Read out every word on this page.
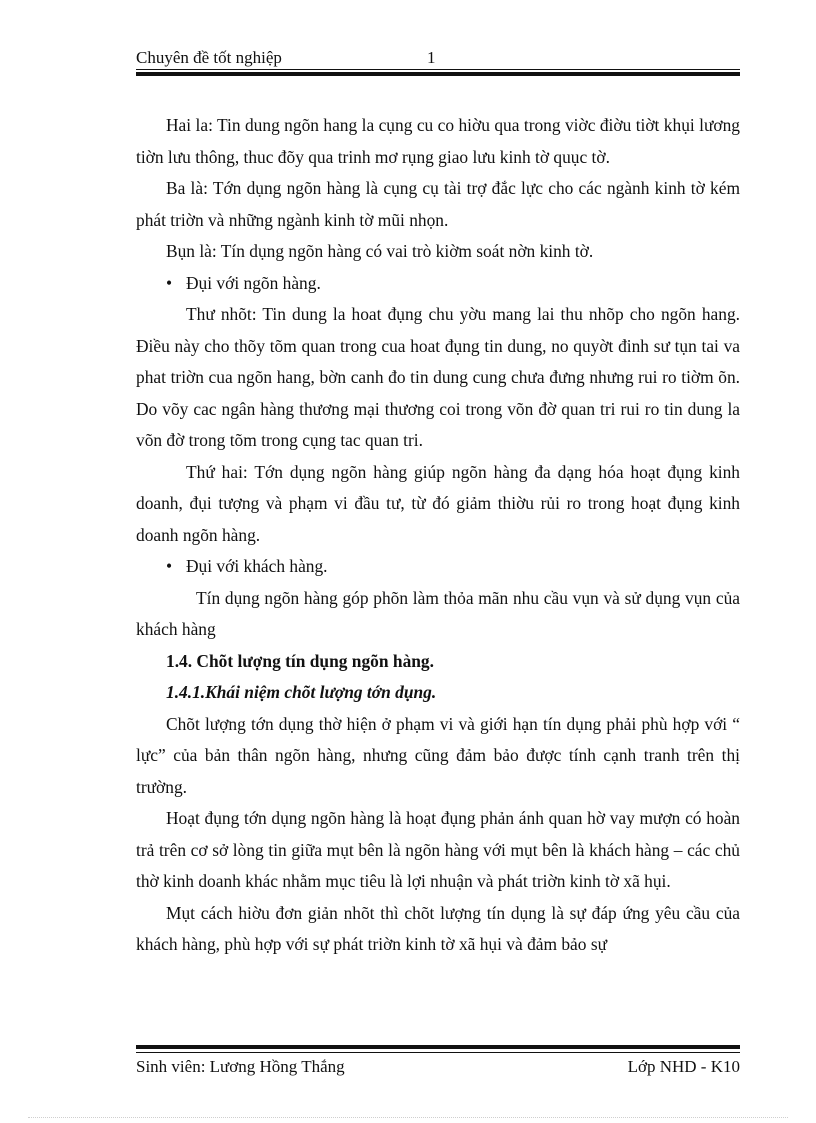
Chuyên đề tốt nghiệp	1

Hai la: Tin dung ngõn hang la cụng cu co hiờu qua trong viờc điờu tiờt khụi lương tiờn lưu thông, thuc đõy qua trinh mơ rụng giao lưu kinh tờ quục tờ.

Ba là: Tớn dụng ngõn hàng là cụng cụ tài trợ đắc lực cho các ngành kinh tờ kém phát triờn và những ngành kinh tờ mũi nhọn.

Bụn là: Tín dụng ngõn hàng có vai trò kiờm soát nờn kinh tờ.

• Đụi với ngõn hàng.

Thư nhõt: Tin dung la hoat đụng chu yờu mang lai thu nhõp cho ngõn hang. Điều này cho thõy tõm quan trong cua hoat đụng tin dung, no quyờt đinh sư tụn tai va phat triờn cua ngõn hang, bờn canh đo tin dung cung chưa đưng nhưng rui ro tiờm õn. Do võy cac ngân hàng thương mại thương coi trong võn đờ quan tri rui ro tin dung la võn đờ trong tõm trong cụng tac quan tri.

Thứ hai: Tớn dụng ngõn hàng giúp ngõn hàng đa dạng hóa hoạt đụng kinh doanh, đụi tượng và phạm vi đầu tư, từ đó giảm thiờu rủi ro trong hoạt đụng kinh doanh ngõn hàng.

• Đụi với khách hàng.

Tín dụng ngõn hàng góp phõn làm thỏa mãn nhu cầu vụn và sử dụng vụn của khách hàng

1.4. Chõt lượng tín dụng ngõn hàng.

1.4.1.Khái niệm chõt lượng tớn dụng.

Chõt lượng tớn dụng thờ hiện ở phạm vi và giới hạn tín dụng phải phù hợp với “ lực” của bản thân ngõn hàng, nhưng cũng đảm bảo được tính cạnh tranh trên thị trường.

Hoạt đụng tớn dụng ngõn hàng là hoạt đụng phản ánh quan hờ vay mượn có hoàn trả trên cơ sở lòng tin giữa mụt bên là ngõn hàng với mụt bên là khách hàng – các chủ thờ kinh doanh khác nhằm mục tiêu là lợi nhuận và phát triờn kinh tờ xã hụi.

Mụt cách hiờu đơn giản nhõt thì chõt lượng tín dụng là sự đáp ứng yêu cầu của khách hàng, phù hợp với sự phát triờn kinh tờ xã hụi và đảm bảo sự

Sinh viên: Lương Hồng Thắng	Lớp NHD - K10
